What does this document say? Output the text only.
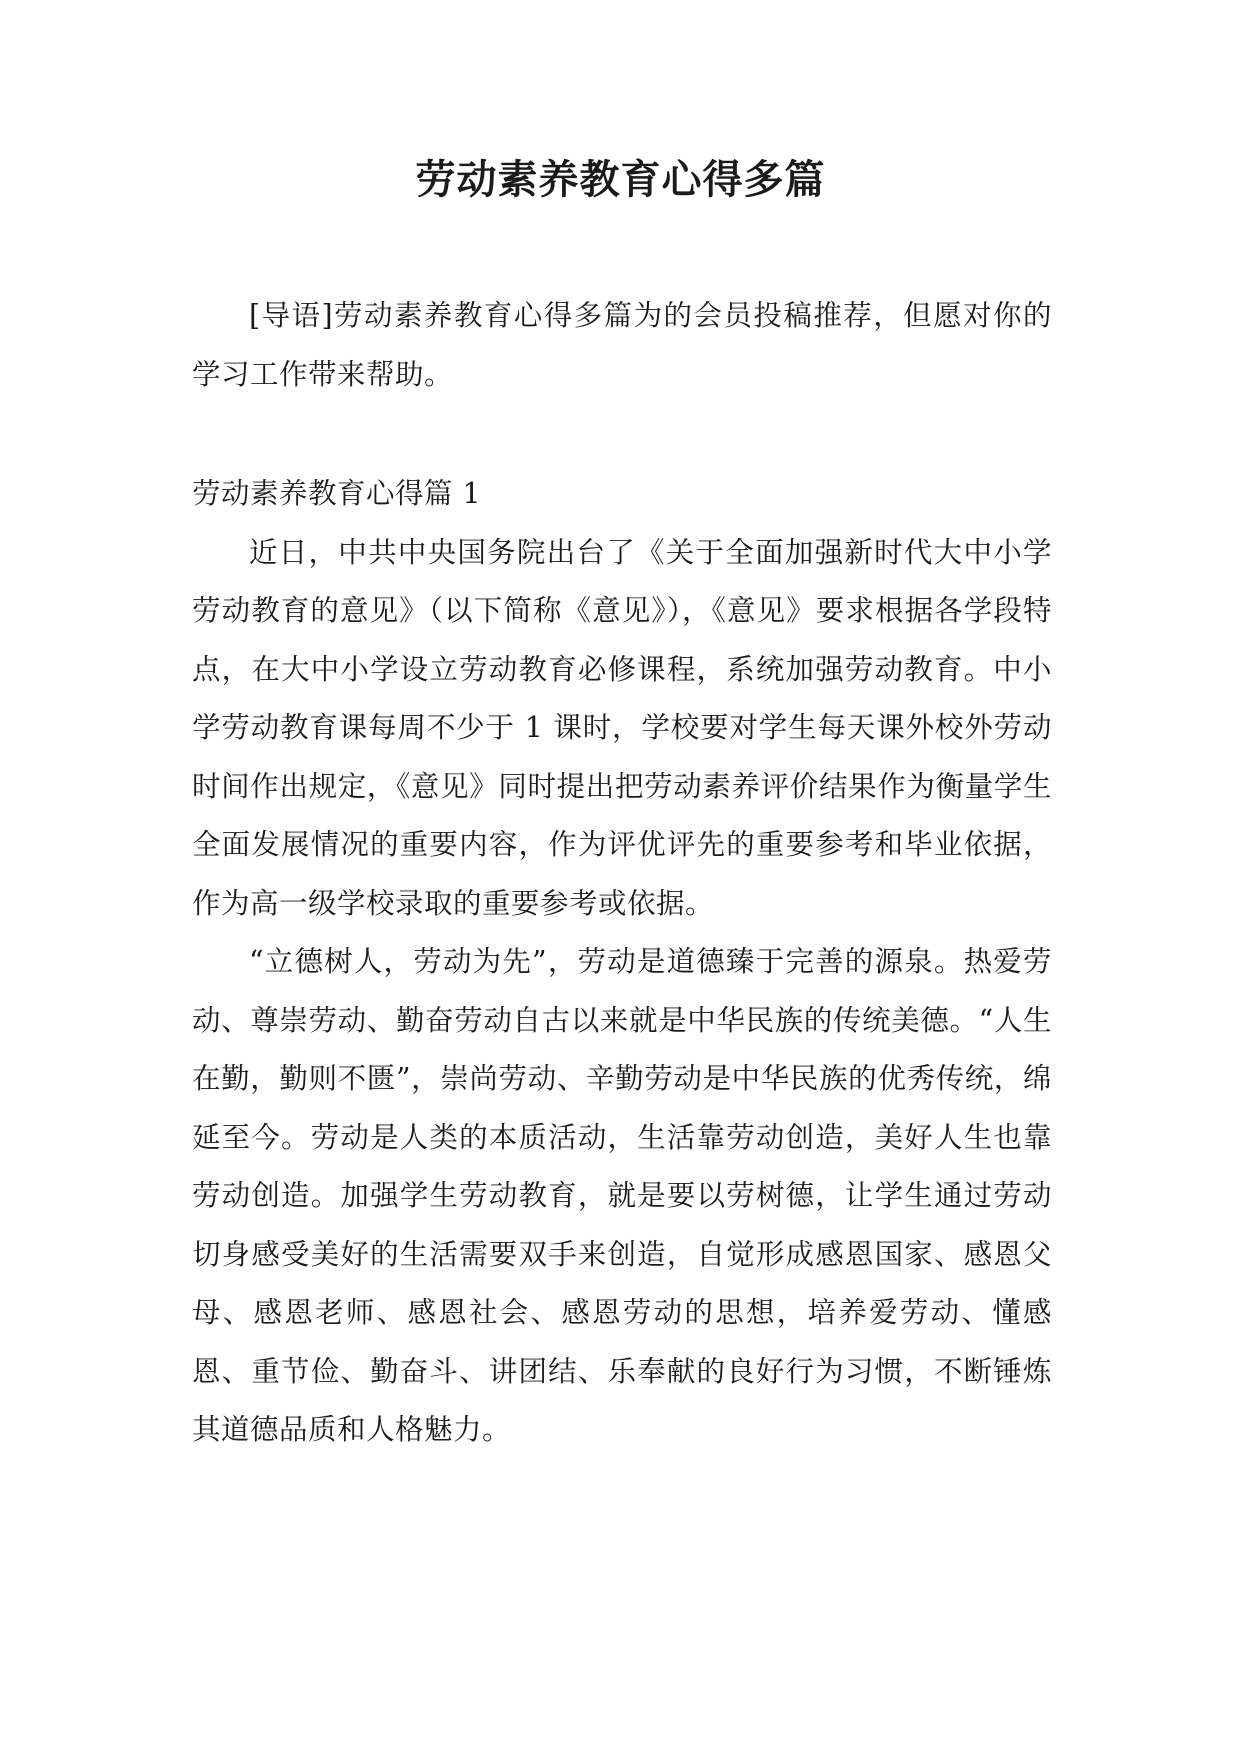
劳动素养教育心得多篇

[导语]劳动素养教育心得多篇为的会员投稿推荐，但愿对你的学习工作带来帮助。

劳动素养教育心得篇 1

近日，中共中央国务院出台了《关于全面加强新时代大中小学劳动教育的意见》（以下简称《意见》），《意见》要求根据各学段特点，在大中小学设立劳动教育必修课程，系统加强劳动教育。中小学劳动教育课每周不少于 1 课时，学校要对学生每天课外校外劳动时间作出规定，《意见》同时提出把劳动素养评价结果作为衡量学生全面发展情况的重要内容，作为评优评先的重要参考和毕业依据，作为高一级学校录取的重要参考或依据。

“立德树人，劳动为先”，劳动是道德臻于完善的源泉。热爱劳动、尊崇劳动、勤奋劳动自古以来就是中华民族的传统美德。“人生在勤，勤则不匮”，崇尚劳动、辛勤劳动是中华民族的优秀传统，绵延至今。劳动是人类的本质活动，生活靠劳动创造，美好人生也靠劳动创造。加强学生劳动教育，就是要以劳树德，让学生通过劳动切身感受美好的生活需要双手来创造，自觉形成感恩国家、感恩父母、感恩老师、感恩社会、感恩劳动的思想，培养爱劳动、懂感恩、重节俭、勤奋斗、讲团结、乐奉献的良好行为习惯，不断锤炼其道德品质和人格魅力。
